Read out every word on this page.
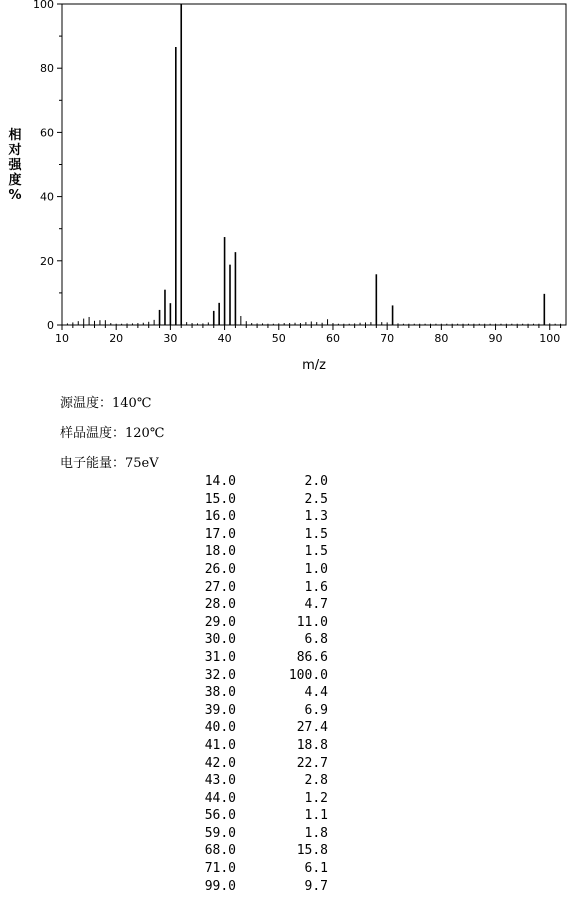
10	20	30	40	50	60	70	80	90	100
0
20
40
60
80
100
m/z
相
对
强
度
%
源温度：140℃
样品温度：120℃
电子能量：75eV
14.0		2.0
15.0		2.5
16.0		1.3
17.0		1.5
18.0		1.5
26.0		1.0
27.0		1.6
28.0		4.7
29.0		11.0
30.0		6.8
31.0		86.6
32.0		100.0
38.0		4.4
39.0		6.9
40.0		27.4
41.0		18.8
42.0		22.7
43.0		2.8
44.0		1.2
56.0		1.1
59.0		1.8
68.0		15.8
71.0		6.1
99.0		9.7
